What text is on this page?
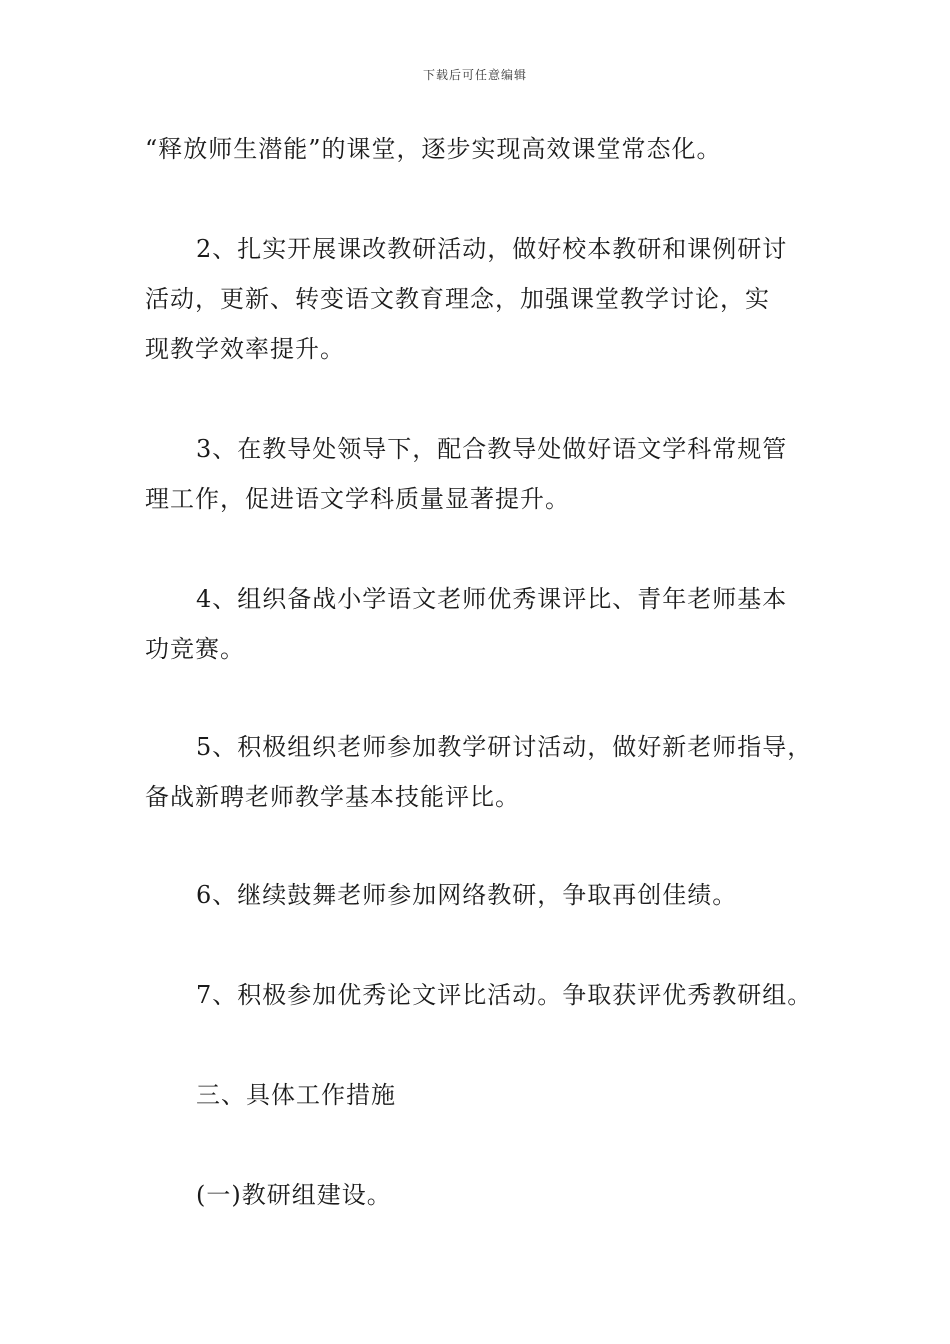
下载后可任意编辑
“释放师生潜能”的课堂，逐步实现高效课堂常态化。
2、扎实开展课改教研活动，做好校本教研和课例研讨
活动，更新、转变语文教育理念，加强课堂教学讨论，实
现教学效率提升。
3、在教导处领导下，配合教导处做好语文学科常规管
理工作，促进语文学科质量显著提升。
4、组织备战小学语文老师优秀课评比、青年老师基本
功竞赛。
5、积极组织老师参加教学研讨活动，做好新老师指导，
备战新聘老师教学基本技能评比。
6、继续鼓舞老师参加网络教研，争取再创佳绩。
7、积极参加优秀论文评比活动。争取获评优秀教研组。
三、具体工作措施
(一)教研组建设。
